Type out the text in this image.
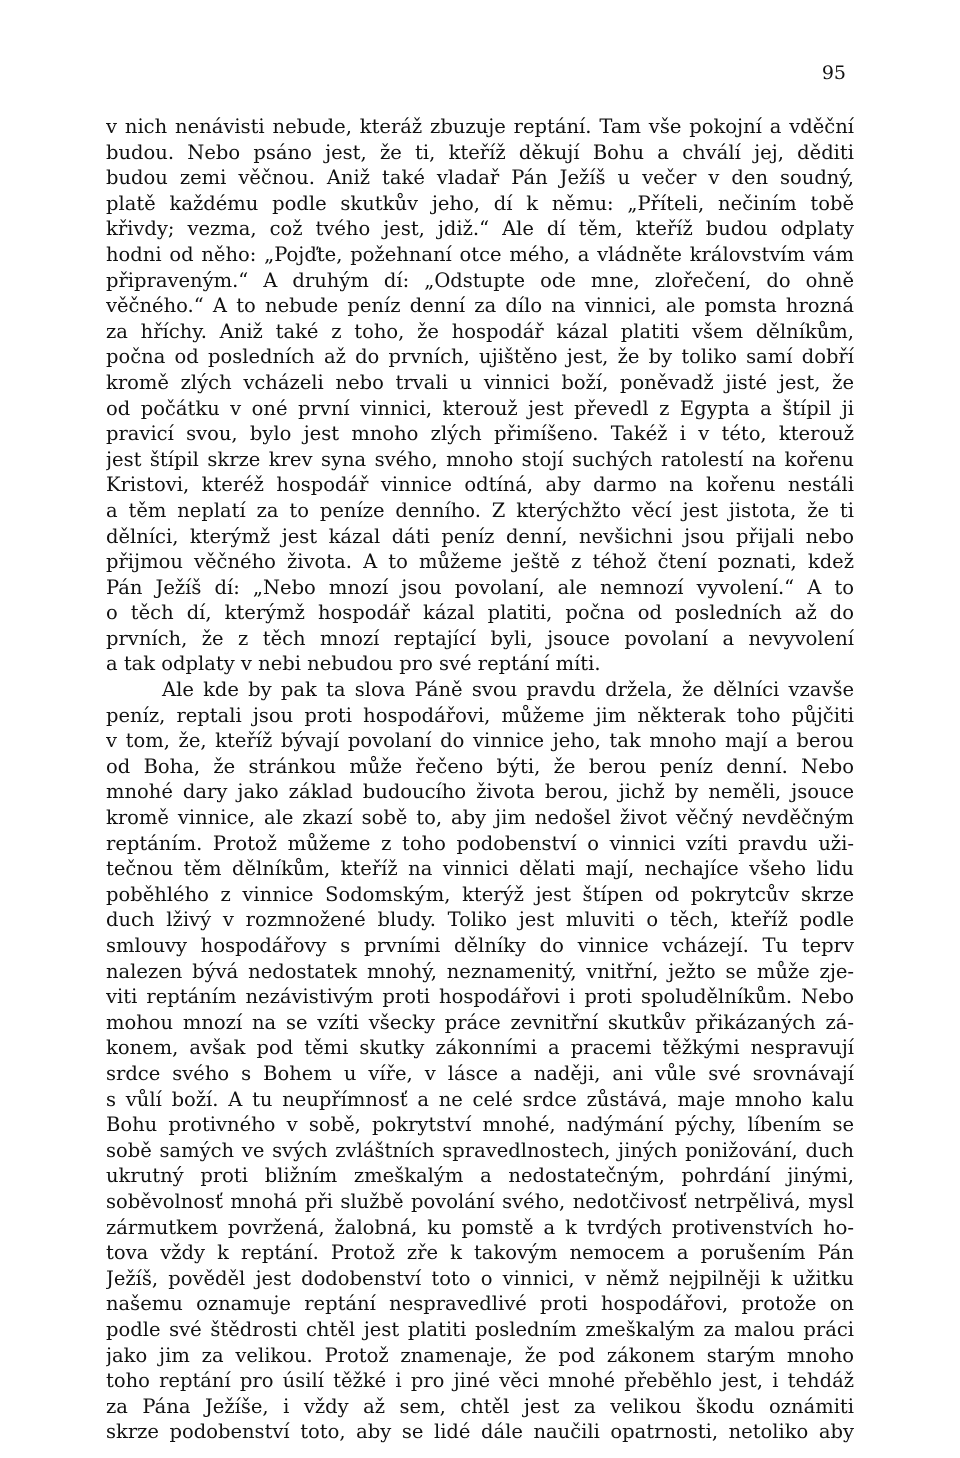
95
v nich nenávisti nebude, kteráž zbuzuje reptání. Tam vše pokojní a vděční
budou. Nebo psáno jest, že ti, kteříž děkují Bohu a chválí jej, děditi
budou zemi věčnou. Aniž také vladař Pán Ježíš u večer v den soudný,
platě každému podle skutkův jeho, dí k němu: „Příteli, nečiním tobě
křivdy; vezma, což tvého jest, jdiž.“ Ale dí těm, kteříž budou odplaty
hodni od něho: „Pojďte, požehnaní otce mého, a vládněte královstvím vám
připraveným.“ A druhým dí: „Odstupte ode mne, zlořečení, do ohně
věčného.“ A to nebude peníz denní za dílo na vinnici, ale pomsta hrozná
za hříchy. Aniž také z toho, že hospodář kázal platiti všem dělníkům,
počna od posledních až do prvních, ujištěno jest, že by toliko samí dobří
kromě zlých vcházeli nebo trvali u vinnici boží, poněvadž jisté jest, že
od počátku v oné první vinnici, kterouž jest převedl z Egypta a štípil ji
pravicí svou, bylo jest mnoho zlých přimíšeno. Takéž i v této, kterouž
jest štípil skrze krev syna svého, mnoho stojí suchých ratolestí na kořenu
Kristovi, kteréž hospodář vinnice odtíná, aby darmo na kořenu nestáli
a těm neplatí za to peníze denního. Z kterýchžto věcí jest jistota, že ti
dělníci, kterýmž jest kázal dáti peníz denní, nevšichni jsou přijali nebo
přijmou věčného života. A to můžeme ještě z téhož čtení poznati, kdež
Pán Ježíš dí: „Nebo mnozí jsou povolaní, ale nemnozí vyvolení.“ A to
o těch dí, kterýmž hospodář kázal platiti, počna od posledních až do
prvních, že z těch mnozí reptající byli, jsouce povolaní a nevyvolení
a tak odplaty v nebi nebudou pro své reptání míti.
Ale kde by pak ta slova Páně svou pravdu držela, že dělníci vzavše
peníz, reptali jsou proti hospodářovi, můžeme jim některak toho půjčiti
v tom, že, kteříž bývají povolaní do vinnice jeho, tak mnoho mají a berou
od Boha, že stránkou může řečeno býti, že berou peníz denní. Nebo
mnohé dary jako základ budoucího života berou, jichž by neměli, jsouce
kromě vinnice, ale zkazí sobě to, aby jim nedošel život věčný nevděčným
reptáním. Protož můžeme z toho podobenství o vinnici vzíti pravdu uži-
tečnou těm dělníkům, kteříž na vinnici dělati mají, nechajíce všeho lidu
poběhlého z vinnice Sodomským, kterýž jest štípen od pokrytcův skrze
duch lživý v rozmnožené bludy. Toliko jest mluviti o těch, kteříž podle
smlouvy hospodářovy s prvními dělníky do vinnice vcházejí. Tu teprv
nalezen bývá nedostatek mnohý, neznamenitý, vnitřní, ježto se může zje-
viti reptáním nezávistivým proti hospodářovi i proti spoludělníkům. Nebo
mohou mnozí na se vzíti všecky práce zevnitřní skutkův přikázaných zá-
konem, avšak pod těmi skutky zákonními a pracemi těžkými nespravují
srdce svého s Bohem u víře, v lásce a naději, ani vůle své srovnávají
s vůlí boží. A tu neupřímnosť a ne celé srdce zůstává, maje mnoho kalu
Bohu protivného v sobě, pokrytství mnohé, nadýmání pýchy, líbením se
sobě samých ve svých zvláštních spravedlnostech, jiných ponižování, duch
ukrutný proti bližním zmeškalým a nedostatečným, pohrdání jinými,
soběvolnosť mnohá při službě povolání svého, nedotčivosť netrpělivá, mysl
zármutkem povržená, žalobná, ku pomstě a k tvrdých protivenstvích ho-
tova vždy k reptání. Protož zře k takovým nemocem a porušením Pán
Ježíš, pověděl jest dodobenství toto o vinnici, v němž nejpilněji k užitku
našemu oznamuje reptání nespravedlivé proti hospodářovi, protože on
podle své štědrosti chtěl jest platiti posledním zmeškalým za malou práci
jako jim za velikou. Protož znamenaje, že pod zákonem starým mnoho
toho reptání pro úsilí těžké i pro jiné věci mnohé přeběhlo jest, i tehdáž
za Pána Ježíše, i vždy až sem, chtěl jest za velikou škodu oznámiti
skrze podobenství toto, aby se lidé dále naučili opatrnosti, netoliko aby
